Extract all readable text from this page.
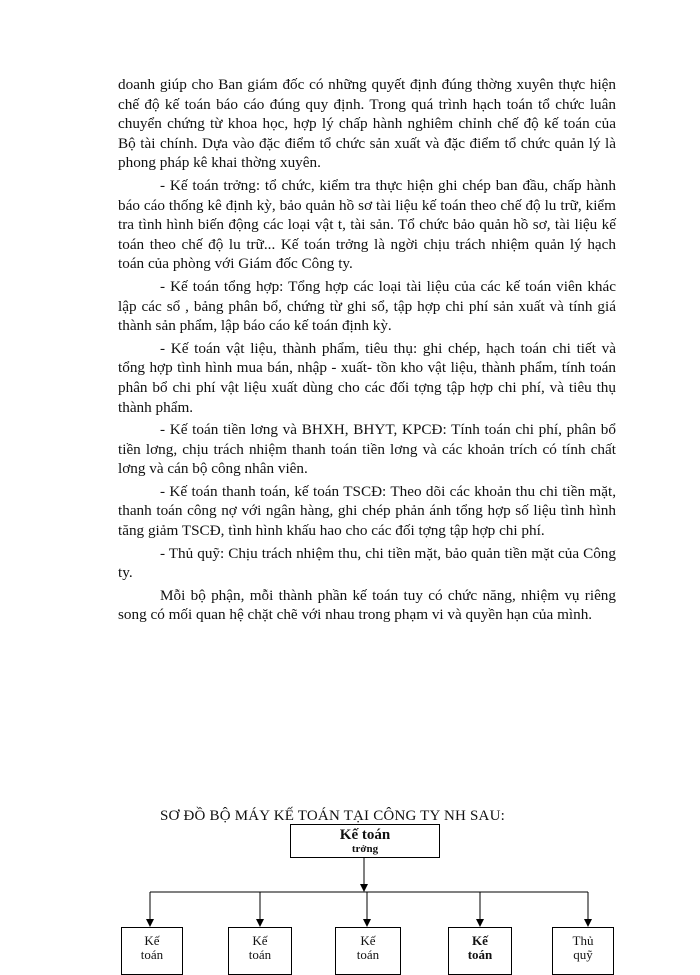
doanh giúp cho Ban giám đốc có những quyết định đúng thờng xuyên thực hiện chế độ kế toán báo cáo đúng quy định. Trong quá trình hạch toán tổ chức luân chuyển chứng từ khoa học, hợp lý chấp hành nghiêm chỉnh chế độ kế toán của Bộ tài chính. Dựa vào đặc điểm tổ chức sản xuất và đặc điểm tổ chức quản lý là phong pháp kê khai thờng xuyên.

- Kế toán trởng: tổ chức, kiểm tra thực hiện ghi chép ban đầu, chấp hành báo cáo thống kê định kỳ, bảo quản hồ sơ tài liệu kế toán theo chế độ lu trữ, kiểm tra tình hình biến động các loại vật t, tài sản. Tổ chức bảo quản hồ sơ, tài liệu kế toán theo chế độ lu trữ... Kế toán trởng là ngời chịu trách nhiệm quản lý hạch toán của phòng với Giám đốc Công ty.

- Kế toán tổng hợp: Tổng hợp các loại tài liệu của các kế toán viên khác lập các sổ , bảng phân bổ, chứng từ ghi sổ, tập hợp chi phí sản xuất và tính giá thành sản phẩm, lập báo cáo kế toán định kỳ.

- Kế toán vật liệu, thành phẩm, tiêu thụ: ghi chép, hạch toán chi tiết và tổng hợp tình hình mua bán, nhập - xuất- tồn kho vật liệu, thành phẩm, tính toán phân bổ chi phí vật liệu xuất dùng cho các đối tợng tập hợp chi phí, và tiêu thụ thành phẩm.

- Kế toán tiền lơng và BHXH, BHYT, KPCĐ: Tính toán chi phí, phân bổ tiền lơng, chịu trách nhiệm thanh toán tiền lơng và các khoản trích có tính chất lơng và cán bộ công nhân viên.

- Kế toán thanh toán, kế toán TSCĐ: Theo dõi các khoản thu chi tiền mặt, thanh toán công nợ với ngân hàng, ghi chép phản ánh tổng hợp số liệu tình hình tăng giảm TSCĐ, tình hình khấu hao cho các đối tợng tập hợp chi phí.

- Thủ quỹ: Chịu trách nhiệm thu, chi tiền mặt, bảo quản tiền mặt của Công ty.

Mỗi bộ phận, mỗi thành phần kế toán tuy có chức năng, nhiệm vụ riêng song có mối quan hệ chặt chẽ với nhau trong phạm vi và quyền hạn của mình.

SƠ ĐỒ BỘ MÁY KẾ TOÁN TẠI CÔNG TY NH SAU:
Kế toán
trởng
Kế
toán
Kế
toán
Kế
toán
Kế
toán
Thủ
quỹ
